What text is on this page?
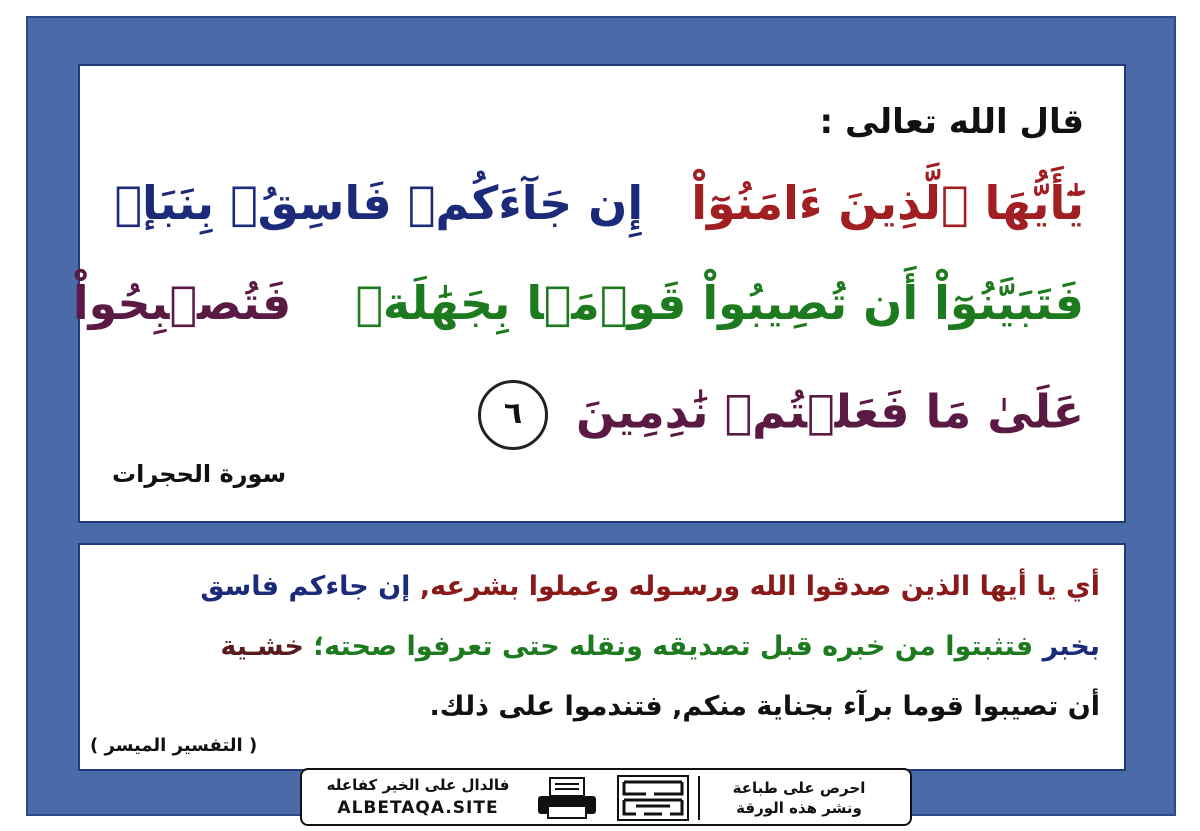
قال الله تعالى :
يَٰٓأَيُّهَا ٱلَّذِينَ ءَامَنُوٓاْ   إِن جَآءَكُمۡ فَاسِقُۢ بِنَبَإٖ
فَتَبَيَّنُوٓاْ أَن تُصِيبُواْ قَوۡمَۢا بِجَهَٰلَةٖ    فَتُصۡبِحُواْ
عَلَىٰ مَا فَعَلۡتُمۡ نَٰدِمِينَ ٦
سورة الحجرات
أي يا أيها الذين صدقوا الله ورسـوله وعملوا بشرعه, إن جاءكم فاسق
بخبر فتثبتوا من خبره قبل تصديقه ونقله حتى تعرفوا صحته؛ خشـية
أن تصيبوا قوما برآء بجناية منكم, فتندموا على ذلك.
( التفسير الميسر )
فالدال على الخير كفاعله
ALBETAQA.SITE
احرص على طباعة
ونشر هذه الورقة
